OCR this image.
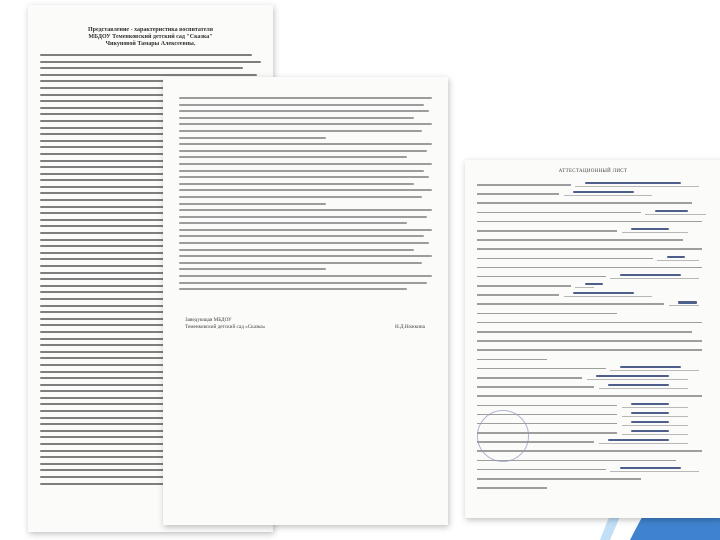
Представление - характеристика воспитателя
МБДОУ Теменковский детский сад "Сказка"
Чикуновой Тамары Алексеевны.
Заведующая МБДОУ
Теменковский детский сад «Сказка»	Н.Д.Ножкина
АТТЕСТАЦИОННЫЙ ЛИСТ
